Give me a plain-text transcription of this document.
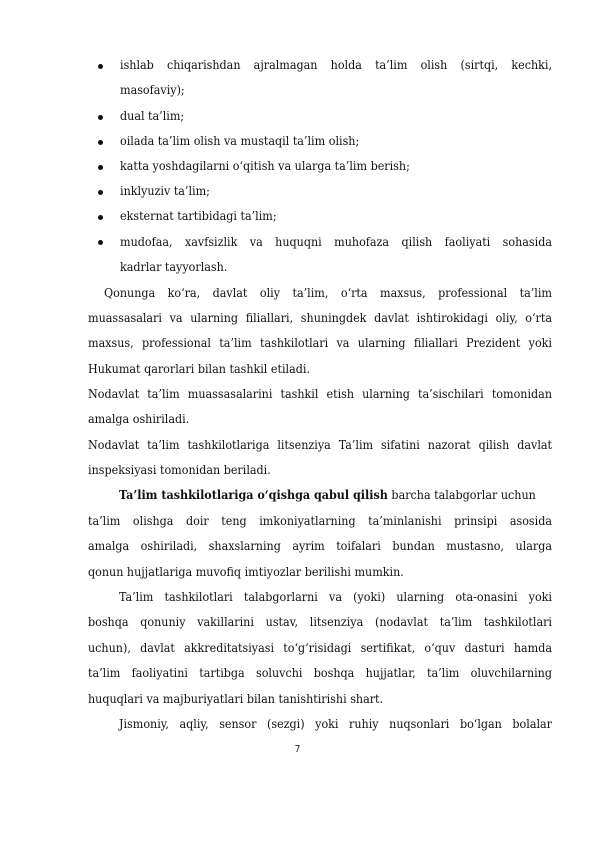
ishlab chiqarishdan ajralmagan holda ta’lim olish (sirtqi, kechki,
masofaviy);
dual ta’lim;
oilada ta’lim olish va mustaqil ta’lim olish;
katta yoshdagilarni o‘qitish va ularga ta’lim berish;
inklyuziv ta’lim;
eksternat tartibidagi ta’lim;
mudofaa, xavfsizlik va huquqni muhofaza qilish faoliyati sohasida
kadrlar tayyorlash.
Qonunga ko‘ra, davlat oliy ta’lim, o‘rta maxsus, professional ta’lim
muassasalari va ularning filiallari, shuningdek davlat ishtirokidagi oliy, o‘rta
maxsus, professional ta’lim tashkilotlari va ularning filiallari Prezident yoki
Hukumat qarorlari bilan tashkil etiladi.
Nodavlat ta’lim muassasalarini tashkil etish ularning ta’sischilari tomonidan
amalga oshiriladi.
Nodavlat ta’lim tashkilotlariga litsenziya Ta’lim sifatini nazorat qilish davlat
inspeksiyasi tomonidan beriladi.
Ta’lim tashkilotlariga o‘qishga qabul qilish barcha talabgorlar uchun
ta’lim olishga doir teng imkoniyatlarning ta’minlanishi prinsipi asosida
amalga oshiriladi, shaxslarning ayrim toifalari bundan mustasno, ularga
qonun hujjatlariga muvofiq imtiyozlar berilishi mumkin.
Ta’lim tashkilotlari talabgorlarni va (yoki) ularning ota-onasini yoki
boshqa qonuniy vakillarini ustav, litsenziya (nodavlat ta’lim tashkilotlari
uchun), davlat akkreditatsiyasi to‘g‘risidagi sertifikat, o‘quv dasturi hamda
ta’lim faoliyatini tartibga soluvchi boshqa hujjatlar, ta’lim oluvchilarning
huquqlari va majburiyatlari bilan tanishtirishi shart.
Jismoniy, aqliy, sensor (sezgi) yoki ruhiy nuqsonlari bo‘lgan bolalar
7
